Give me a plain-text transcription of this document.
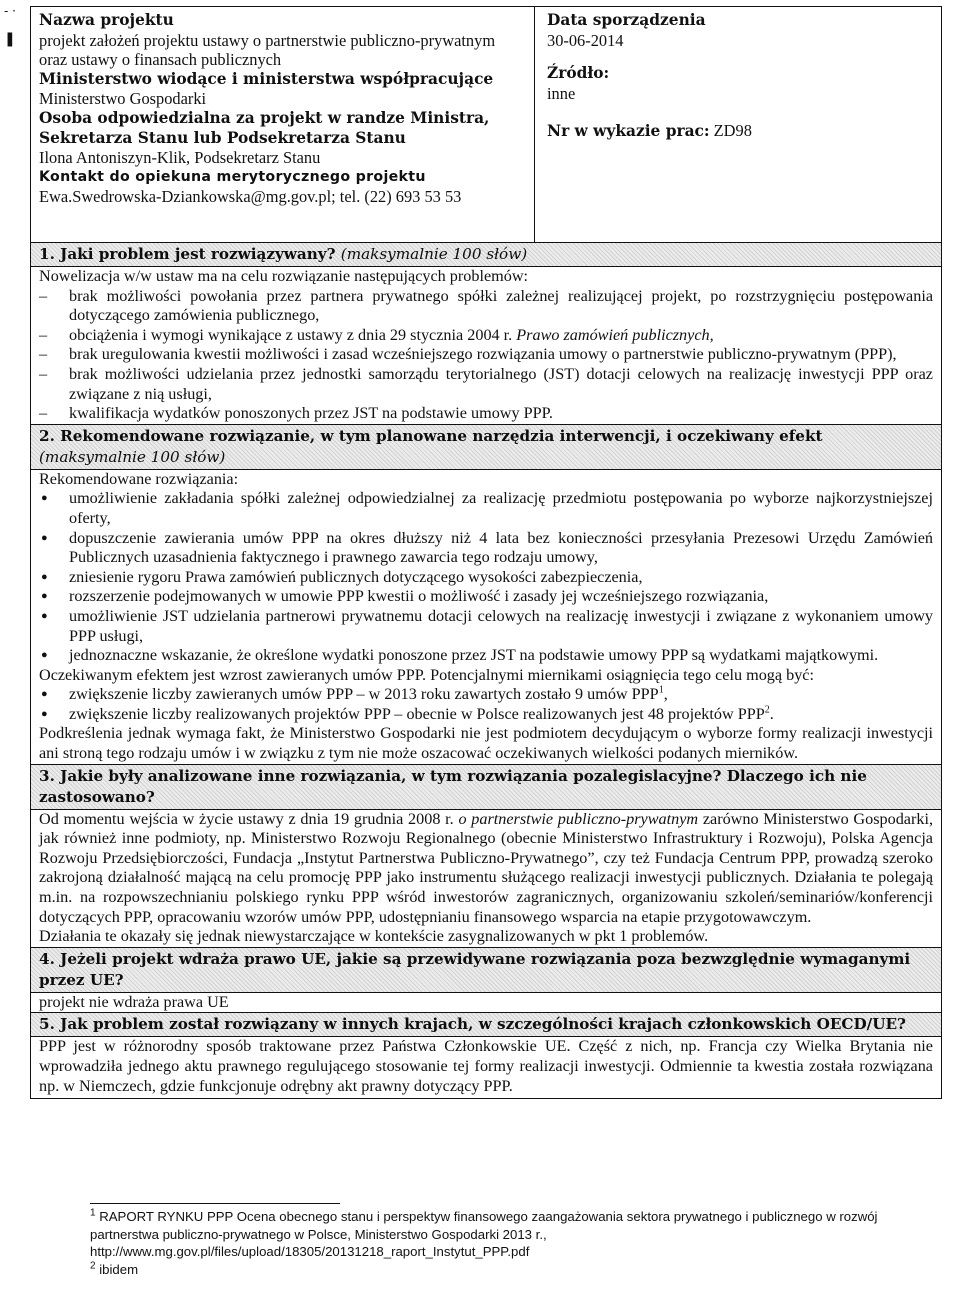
‐ ·
❚
Nazwa projektu
projekt założeń projektu ustawy o partnerstwie publiczno-prywatnym oraz ustawy o finansach publicznych
Ministerstwo wiodące i ministerstwa współpracujące
Ministerstwo Gospodarki
Osoba odpowiedzialna za projekt w randze Ministra, Sekretarza Stanu lub Podsekretarza Stanu
Ilona Antoniszyn-Klik, Podsekretarz Stanu
Kontakt do opiekuna merytorycznego projektu
Ewa.Swedrowska-Dziankowska@mg.gov.pl; tel. (22) 693 53 53
Data sporządzenia
30-06-2014
Źródło:
inne
Nr w wykazie prac: ZD98
1. Jaki problem jest rozwiązywany? (maksymalnie 100 słów)

Nowelizacja w/w ustaw ma na celu rozwiązanie następujących problemów:

– brak możliwości powołania przez partnera prywatnego spółki zależnej realizującej projekt, po rozstrzygnięciu postępowania dotyczącego zamówienia publicznego,
– obciążenia i wymogi wynikające z ustawy z dnia 29 stycznia 2004 r. Prawo zamówień publicznych,
– brak uregulowania kwestii możliwości i zasad wcześniejszego rozwiązania umowy o partnerstwie publiczno-prywatnym (PPP),
– brak możliwości udzielania przez jednostki samorządu terytorialnego (JST) dotacji celowych na realizację inwestycji PPP oraz związane z nią usługi,
– kwalifikacja wydatków ponoszonych przez JST na podstawie umowy PPP.
2. Rekomendowane rozwiązanie, w tym planowane narzędzia interwencji, i oczekiwany efekt (maksymalnie 100 słów)

Rekomendowane rozwiązania:

● umożliwienie zakładania spółki zależnej odpowiedzialnej za realizację przedmiotu postępowania po wyborze najkorzystniejszej oferty,
● dopuszczenie zawierania umów PPP na okres dłuższy niż 4 lata bez konieczności przesyłania Prezesowi Urzędu Zamówień Publicznych uzasadnienia faktycznego i prawnego zawarcia tego rodzaju umowy,
● zniesienie rygoru Prawa zamówień publicznych dotyczącego wysokości zabezpieczenia,
● rozszerzenie podejmowanych w umowie PPP kwestii o możliwość i zasady jej wcześniejszego rozwiązania,
● umożliwienie JST udzielania partnerowi prywatnemu dotacji celowych na realizację inwestycji i związane z wykonaniem umowy PPP usługi,
● jednoznaczne wskazanie, że określone wydatki ponoszone przez JST na podstawie umowy PPP są wydatkami majątkowymi.

Oczekiwanym efektem jest wzrost zawieranych umów PPP. Potencjalnymi miernikami osiągnięcia tego celu mogą być:

● zwiększenie liczby zawieranych umów PPP – w 2013 roku zawartych zostało 9 umów PPP$^1$,
● zwiększenie liczby realizowanych projektów PPP – obecnie w Polsce realizowanych jest 48 projektów PPP$^2$.

Podkreślenia jednak wymaga fakt, że Ministerstwo Gospodarki nie jest podmiotem decydującym o wyborze formy realizacji inwestycji ani stroną tego rodzaju umów i w związku z tym nie może oszacować oczekiwanych wielkości podanych mierników.

3. Jakie były analizowane inne rozwiązania, w tym rozwiązania pozalegislacyjne? Dlaczego ich nie zastosowano?

Od momentu wejścia w życie ustawy z dnia 19 grudnia 2008 r. o partnerstwie publiczno-prywatnym zarówno Ministerstwo Gospodarki, jak również inne podmioty, np. Ministerstwo Rozwoju Regionalnego (obecnie Ministerstwo Infrastruktury i Rozwoju), Polska Agencja Rozwoju Przedsiębiorczości, Fundacja „Instytut Partnerstwa Publiczno-Prywatnego”, czy też Fundacja Centrum PPP, prowadzą szeroko zakrojoną działalność mającą na celu promocję PPP jako instrumentu służącego realizacji inwestycji publicznych. Działania te polegają m.in. na rozpowszechnianiu polskiego rynku PPP wśród inwestorów zagranicznych, organizowaniu szkoleń/seminariów/konferencji dotyczących PPP, opracowaniu wzorów umów PPP, udostępnianiu finansowego wsparcia na etapie przygotowawczym.

Działania te okazały się jednak niewystarczające w kontekście zasygnalizowanych w pkt 1 problemów.

4. Jeżeli projekt wdraża prawo UE, jakie są przewidywane rozwiązania poza bezwzględnie wymaganymi przez UE?

projekt nie wdraża prawa UE

5. Jak problem został rozwiązany w innych krajach, w szczególności krajach członkowskich OECD/UE?

PPP jest w różnorodny sposób traktowane przez Państwa Członkowskie UE. Część z nich, np. Francja czy Wielka Brytania nie wprowadziła jednego aktu prawnego regulującego stosowanie tej formy realizacji inwestycji. Odmiennie ta kwestia została rozwiązana np. w Niemczech, gdzie funkcjonuje odrębny akt prawny dotyczący PPP.

$^1$ RAPORT RYNKU PPP Ocena obecnego stanu i perspektyw finansowego zaangażowania sektora prywatnego i publicznego w rozwój partnerstwa publiczno-prywatnego w Polsce, Ministerstwo Gospodarki 2013 r., http://www.mg.gov.pl/files/upload/18305/20131218_raport_Instytut_PPP.pdf

$^2$ ibidem
